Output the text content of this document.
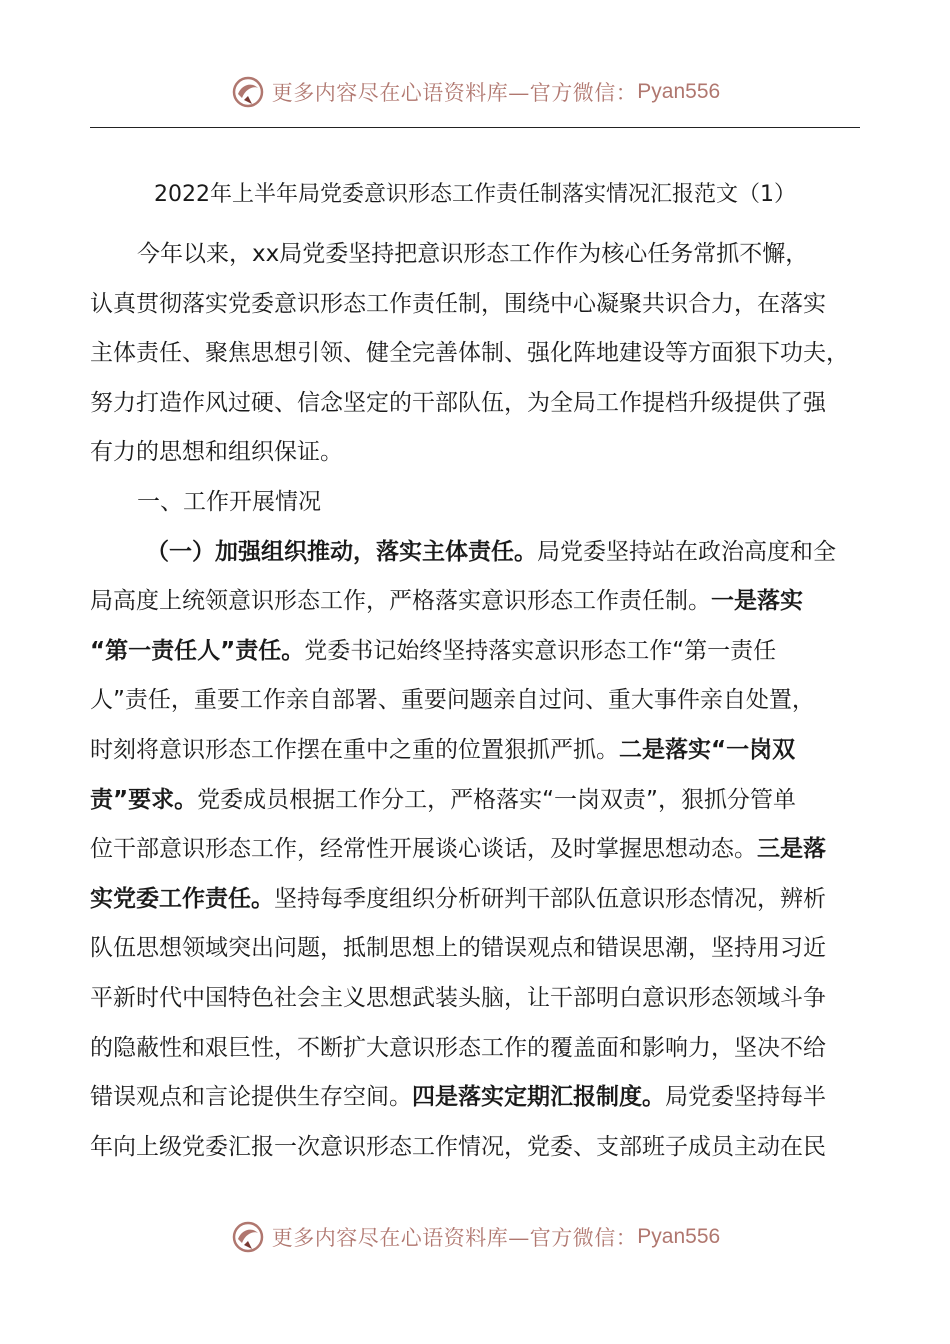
更多内容尽在心语资料库—官方微信： Pyan556
2022年上半年局党委意识形态工作责任制落实情况汇报范文（1）
今年以来，xx局党委坚持把意识形态工作作为核心任务常抓不懈，
认真贯彻落实党委意识形态工作责任制，围绕中心凝聚共识合力，在落实
主体责任、聚焦思想引领、健全完善体制、强化阵地建设等方面狠下功夫，
努力打造作风过硬、信念坚定的干部队伍，为全局工作提档升级提供了强
有力的思想和组织保证。
一、工作开展情况
（一）加强组织推动，落实主体责任。 局党委坚持站在政治高度和全
局高度上统领意识形态工作，严格落实意识形态工作责任制。 一是落实
“第一责任人”责任。 党委书记始终坚持落实意识形态工作“第一责任
人”责任，重要工作亲自部署、重要问题亲自过问、重大事件亲自处置，
时刻将意识形态工作摆在重中之重的位置狠抓严抓。 二是落实“一岗双
责”要求。 党委成员根据工作分工，严格落实“一岗双责”，狠抓分管单
位干部意识形态工作，经常性开展谈心谈话，及时掌握思想动态。 三是落
实党委工作责任。 坚持每季度组织分析研判干部队伍意识形态情况，辨析
队伍思想领域突出问题，抵制思想上的错误观点和错误思潮，坚持用习近
平新时代中国特色社会主义思想武装头脑，让干部明白意识形态领域斗争
的隐蔽性和艰巨性，不断扩大意识形态工作的覆盖面和影响力，坚决不给
错误观点和言论提供生存空间。 四是落实定期汇报制度。 局党委坚持每半
年向上级党委汇报一次意识形态工作情况，党委、支部班子成员主动在民
更多内容尽在心语资料库—官方微信： Pyan556
